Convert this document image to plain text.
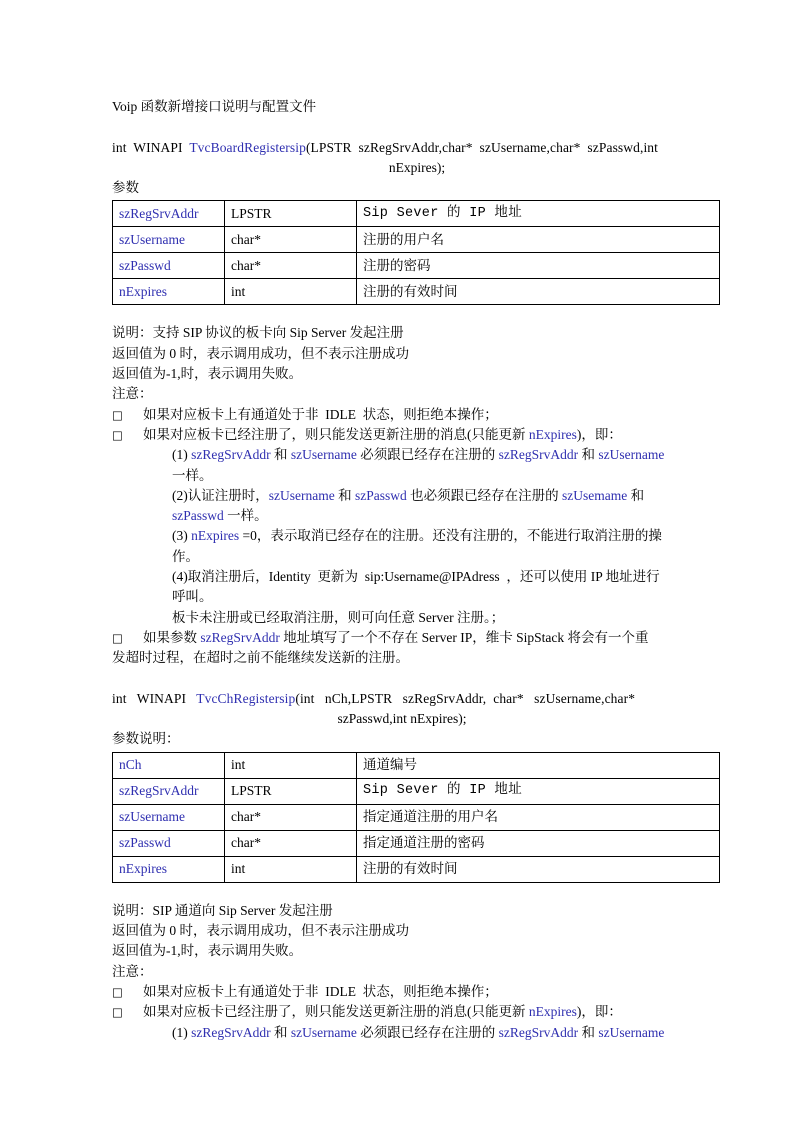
Voip 函数新增接口说明与配置文件
int  WINAPI  TvcBoardRegistersip(LPSTR  szRegSrvAddr,char*  szUsername,char*  szPasswd,int
nExpires);
参数
szRegSrvAddr	LPSTR	Sip Sever 的 IP 地址
szUsername	char*	注册的用户名
szPasswd	char*	注册的密码
nExpires	int	注册的有效时间
说明：支持 SIP 协议的板卡向 Sip Server 发起注册
返回值为 0 时，表示调用成功，但不表示注册成功
返回值为-1,时，表示调用失败。
注意：
□	如果对应板卡上有通道处于非  IDLE  状态，则拒绝本操作；
□	如果对应板卡已经注册了，则只能发送更新注册的消息(只能更新 nExpires)，即：
(1) szRegSrvAddr 和 szUsername 必须跟已经存在注册的 szRegSrvAddr 和 szUsername
一样。
(2)认证注册时，szUsername 和 szPasswd 也必须跟已经存在注册的 szUsemame 和
szPasswd 一样。
(3) nExpires =0，表示取消已经存在的注册。还没有注册的，不能进行取消注册的操
作。
(4)取消注册后，Identity  更新为  sip:Username@IPAdress  ，还可以使用 IP 地址进行
呼叫。
板卡未注册或已经取消注册，则可向任意 Server 注册。；
□	如果参数 szRegSrvAddr 地址填写了一个不存在 Server IP，维卡 SipStack 将会有一个重
发超时过程，在超时之前不能继续发送新的注册。
int   WINAPI   TvcChRegistersip(int   nCh,LPSTR   szRegSrvAddr,  char*   szUsername,char*
szPasswd,int nExpires);
参数说明：
nCh	int	通道编号
szRegSrvAddr	LPSTR	Sip Sever 的 IP 地址
szUsername	char*	指定通道注册的用户名
szPasswd	char*	指定通道注册的密码
nExpires	int	注册的有效时间
说明：SIP 通道向 Sip Server 发起注册
返回值为 0 时，表示调用成功，但不表示注册成功
返回值为-1,时，表示调用失败。
注意：
□	如果对应板卡上有通道处于非  IDLE  状态，则拒绝本操作；
□	如果对应板卡已经注册了，则只能发送更新注册的消息(只能更新 nExpires)，即：
(1) szRegSrvAddr 和 szUsername 必须跟已经存在注册的 szRegSrvAddr 和 szUsername
